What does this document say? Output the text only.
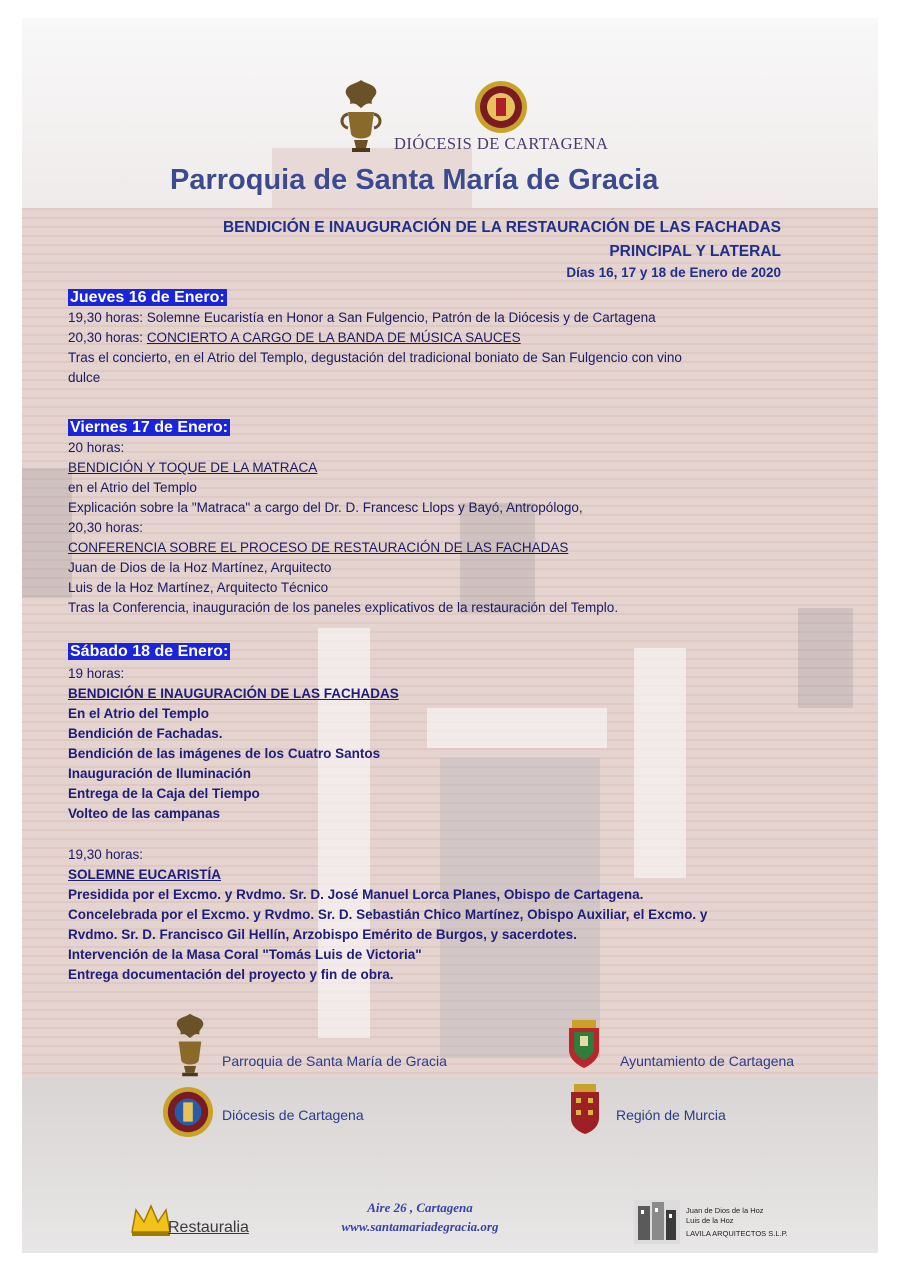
DIÓCESIS DE CARTAGENA
Parroquia de Santa María de Gracia
BENDICIÓN E INAUGURACIÓN DE LA RESTAURACIÓN DE LAS FACHADAS
PRINCIPAL Y LATERAL
Días 16, 17 y 18 de Enero de 2020
Jueves 16 de Enero:
19,30 horas: Solemne Eucaristía en Honor a San Fulgencio, Patrón de la Diócesis y de Cartagena
20,30 horas: CONCIERTO A CARGO DE LA BANDA DE MÚSICA SAUCES
Tras el concierto, en el Atrio del Templo, degustación del tradicional boniato de San Fulgencio con vino
dulce
Viernes 17 de Enero:
20 horas:
BENDICIÓN Y TOQUE DE LA MATRACA
en el Atrio del Templo
Explicación sobre la "Matraca" a cargo del Dr. D. Francesc Llops y Bayó, Antropólogo,
20,30 horas:
CONFERENCIA SOBRE EL PROCESO DE RESTAURACIÓN DE LAS FACHADAS
Juan de Dios de la Hoz Martínez, Arquitecto
Luis de la Hoz Martínez, Arquitecto Técnico
Tras la Conferencia, inauguración de los paneles explicativos de la restauración del Templo.
Sábado 18 de Enero:
19 horas:
BENDICIÓN E INAUGURACIÓN DE LAS FACHADAS
En el Atrio del Templo
Bendición de Fachadas.
Bendición de las imágenes de los Cuatro Santos
Inauguración de Iluminación
Entrega de la Caja del Tiempo
Volteo de las campanas
19,30 horas:
SOLEMNE EUCARISTÍA
Presidida por el Excmo. y Rvdmo. Sr. D. José Manuel Lorca Planes, Obispo de Cartagena.
Concelebrada por el Excmo. y Rvdmo. Sr. D. Sebastián Chico Martínez, Obispo Auxiliar, el Excmo. y
Rvdmo. Sr. D. Francisco Gil Hellín, Arzobispo Emérito de Burgos, y sacerdotes.
Intervención de la Masa Coral "Tomás Luis de Victoria"
Entrega documentación del proyecto y fin de obra.
Parroquia de Santa María de Gracia	Ayuntamiento de Cartagena
Diócesis de Cartagena	Región de Murcia
Restauralia
Aire 26 , Cartagena
www.santamariadegracia.org
Juan de Dios de la Hoz
Luis de la Hoz
LAVILA ARQUITECTOS S.L.P.
